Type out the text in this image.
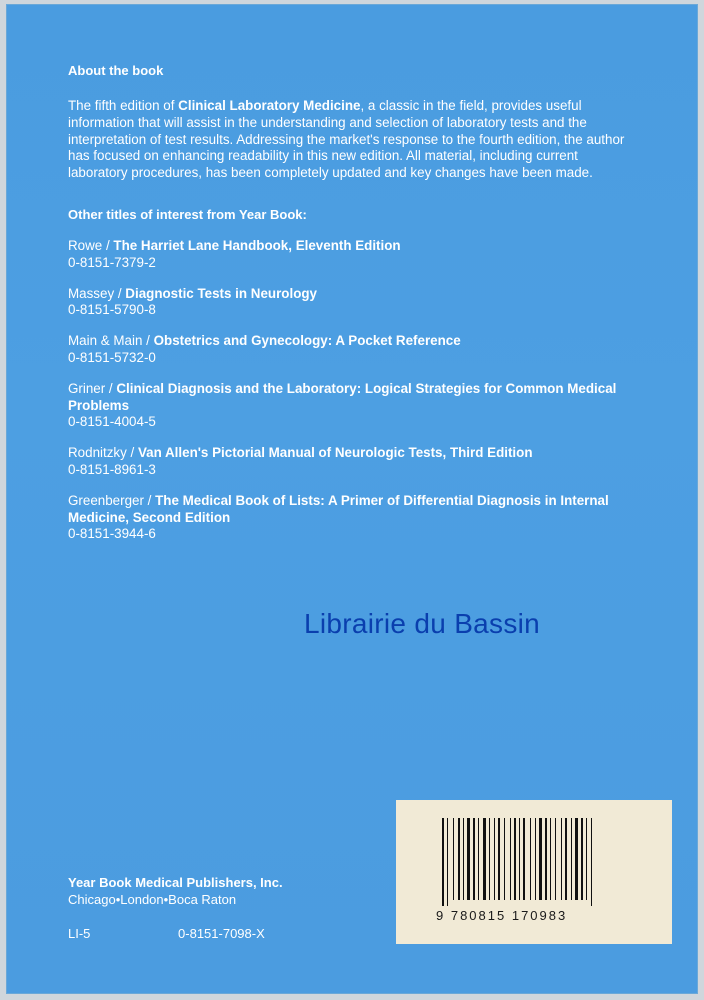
About the book

The fifth edition of Clinical Laboratory Medicine, a classic in the field, provides useful information that will assist in the understanding and selection of laboratory tests and the interpretation of test results. Addressing the market's response to the fourth edition, the author has focused on enhancing readability in this new edition. All material, including current laboratory procedures, has been completely updated and key changes have been made.

Other titles of interest from Year Book:

Rowe / The Harriet Lane Handbook, Eleventh Edition
0-8151-7379-2
Massey / Diagnostic Tests in Neurology
0-8151-5790-8
Main & Main / Obstetrics and Gynecology: A Pocket Reference
0-8151-5732-0
Griner / Clinical Diagnosis and the Laboratory: Logical Strategies for Common Medical Problems
0-8151-4004-5
Rodnitzky / Van Allen's Pictorial Manual of Neurologic Tests, Third Edition
0-8151-8961-3
Greenberger / The Medical Book of Lists: A Primer of Differential Diagnosis in Internal Medicine, Second Edition
0-8151-3944-6
Librairie du Bassin
9 780815 170983
Year Book Medical Publishers, Inc.
Chicago•London•Boca Raton
LI-5	0-8151-7098-X
